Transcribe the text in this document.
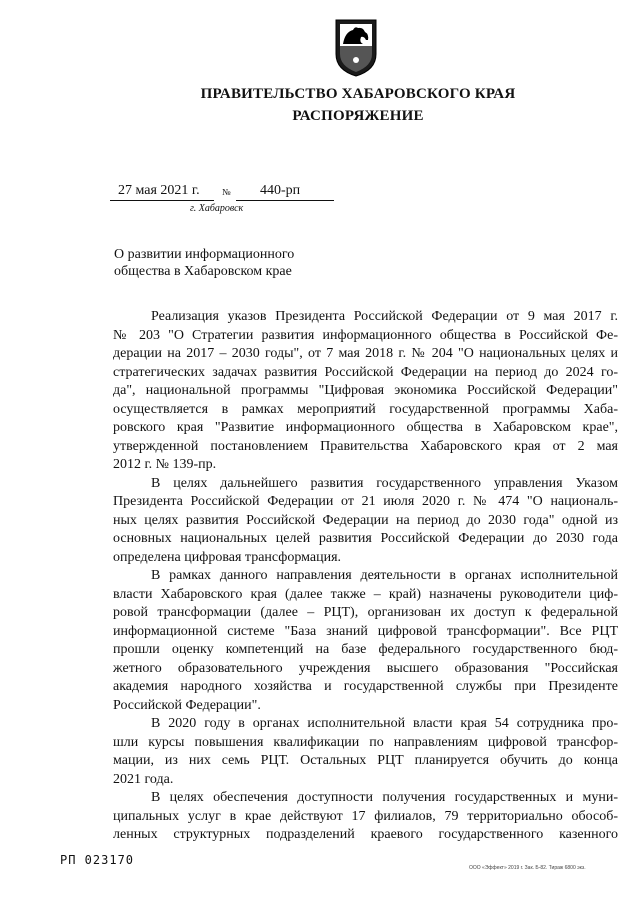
ПРАВИТЕЛЬСТВО ХАБАРОВСКОГО КРАЯ
РАСПОРЯЖЕНИЕ
27 мая 2021 г. № 440-рп
г. Хабаровск
О развитии информационного
общества в Хабаровском крае
Реализация указов Президента Российской Федерации от 9 мая 2017 г.
№ 203 "О Стратегии развития информационного общества в Российской Фе-
дерации на 2017 – 2030 годы", от 7 мая 2018 г. № 204 "О национальных целях и
стратегических задачах развития Российской Федерации на период до 2024 го-
да", национальной программы "Цифровая экономика Российской Федерации"
осуществляется в рамках мероприятий государственной программы Хаба-
ровского края "Развитие информационного общества в Хабаровском крае",
утвержденной постановлением Правительства Хабаровского края от 2 мая
2012 г. № 139-пр.
В целях дальнейшего развития государственного управления Указом
Президента Российской Федерации от 21 июля 2020 г. № 474 "О националь-
ных целях развития Российской Федерации на период до 2030 года" одной из
основных национальных целей развития Российской Федерации до 2030 года
определена цифровая трансформация.
В рамках данного направления деятельности в органах исполнительной
власти Хабаровского края (далее также – край) назначены руководители циф-
ровой трансформации (далее – РЦТ), организован их доступ к федеральной
информационной системе "База знаний цифровой трансформации". Все РЦТ
прошли оценку компетенций на базе федерального государственного бюд-
жетного образовательного учреждения высшего образования "Российская
академия народного хозяйства и государственной службы при Президенте
Российской Федерации".
В 2020 году в органах исполнительной власти края 54 сотрудника про-
шли курсы повышения квалификации по направлениям цифровой трансфор-
мации, из них семь РЦТ. Остальных РЦТ планируется обучить до конца
2021 года.
В целях обеспечения доступности получения государственных и муни-
ципальных услуг в крае действуют 17 филиалов, 79 территориально обособ-
ленных структурных подразделений краевого государственного казенного
РП 023170
ООО «Эффект» 2019 г. Зак. Б-82. Тираж 6800 экз.
